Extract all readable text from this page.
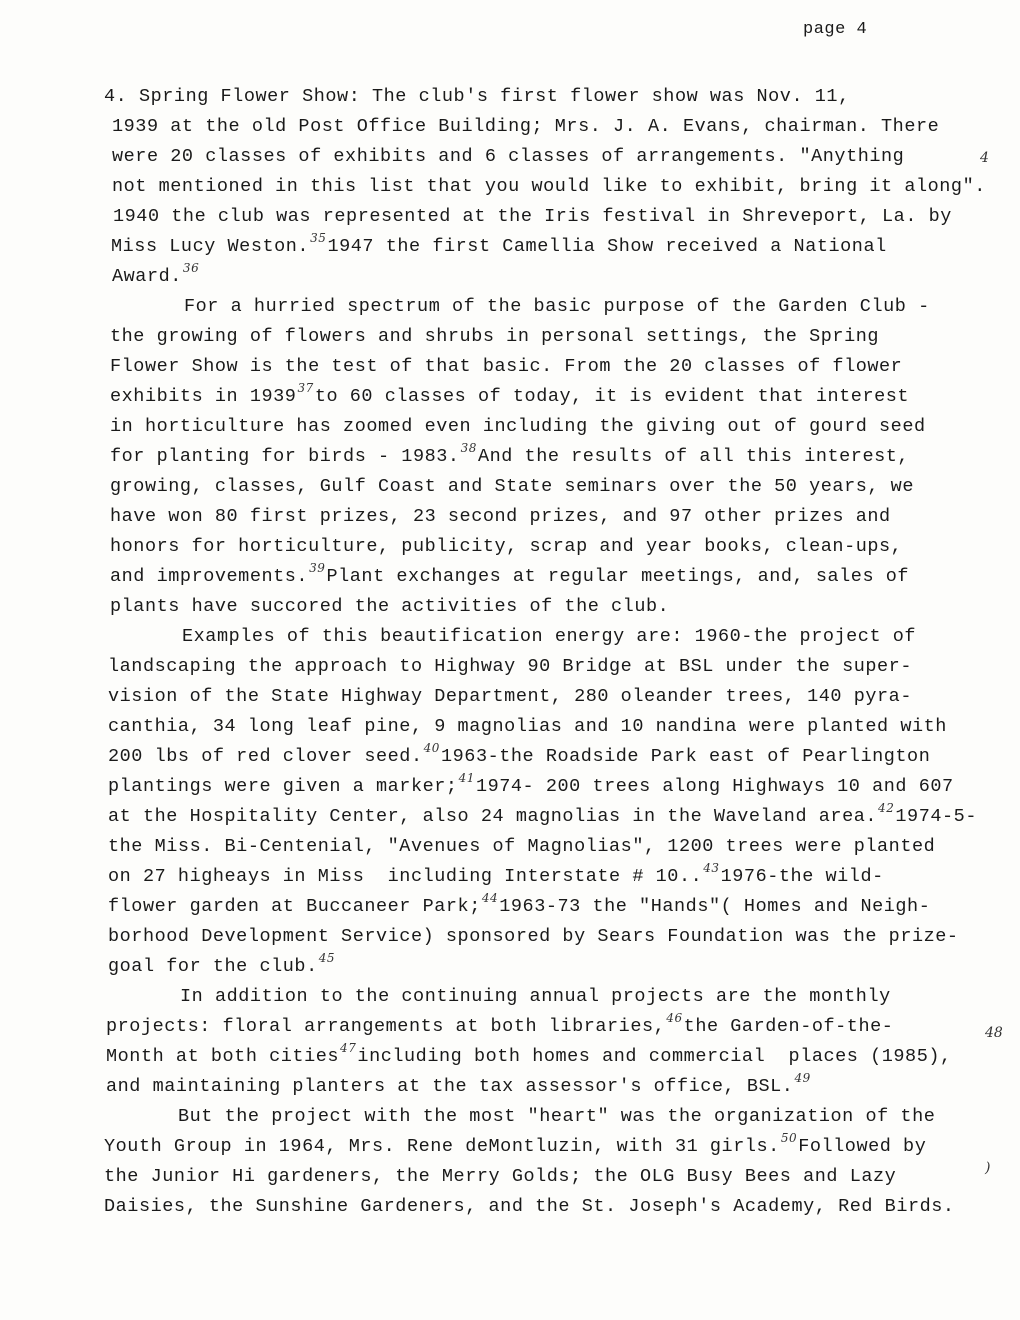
page 4
4. Spring Flower Show: The club's first flower show was Nov. 11,
1939 at the old Post Office Building; Mrs. J. A. Evans, chairman. There
were 20 classes of exhibits and 6 classes of arrangements. "Anything
not mentioned in this list that you would like to exhibit, bring it along".
1940 the club was represented at the Iris festival in Shreveport, La. by
Miss Lucy Weston.$^{35}$1947 the first Camellia Show received a National
Award.$^{36}$
For a hurried spectrum of the basic purpose of the Garden Club -
the growing of flowers and shrubs in personal settings, the Spring
Flower Show is the test of that basic. From the 20 classes of flower
exhibits in 1939$^{37}$to 60 classes of today, it is evident that interest
in horticulture has zoomed even including the giving out of gourd seed
for planting for birds - 1983.38And the results of all this interest,
growing, classes, Gulf Coast and State seminars over the 50 years, we
have won 80 first prizes, 23 second prizes, and 97 other prizes and
honors for horticulture, publicity, scrap and year books, clean-ups,
and improvements.$^{39}$Plant exchanges at regular meetings, and, sales of
plants have succored the activities of the club.
Examples of this beautification energy are: 1960-the project of
landscaping the approach to Highway 90 Bridge at BSL under the super-
vision of the State Highway Department, 280 oleander trees, 140 pyra-
canthia, 34 long leaf pine, 9 magnolias and 10 nandina were planted with
200 lbs of red clover seed.$^{40}$1963-the Roadside Park east of Pearlington
plantings were given a marker;$^{41}$1974- 200 trees along Highways 10 and 607
at the Hospitality Center, also 24 magnolias in the Waveland area.$^{42}$1974-5-
the Miss. Bi-Centenial, "Avenues of Magnolias", 1200 trees were planted
on 27 higheays in Miss  including Interstate # 10..$^{43}$1976-the wild-
flower garden at Buccaneer Park;$^{44}$1963-73 the "Hands"( Homes and Neigh-
borhood Development Service) sponsored by Sears Foundation was the prize-
goal for the club.$^{45}$
In addition to the continuing annual projects are the monthly
projects: floral arrangements at both libraries,$^{46}$the Garden-of-the-
Month at both cities$^{47}$including both homes and commercial  places (1985),
and maintaining planters at the tax assessor's office, BSL.$^{49}$
But the project with the most "heart" was the organization of the
Youth Group in 1964, Mrs. Rene deMontluzin, with 31 girls.$^{50}$Followed by
the Junior Hi gardeners, the Merry Golds; the OLG Busy Bees and Lazy
Daisies, the Sunshine Gardeners, and the St. Joseph's Academy, Red Birds.
4
)
48
